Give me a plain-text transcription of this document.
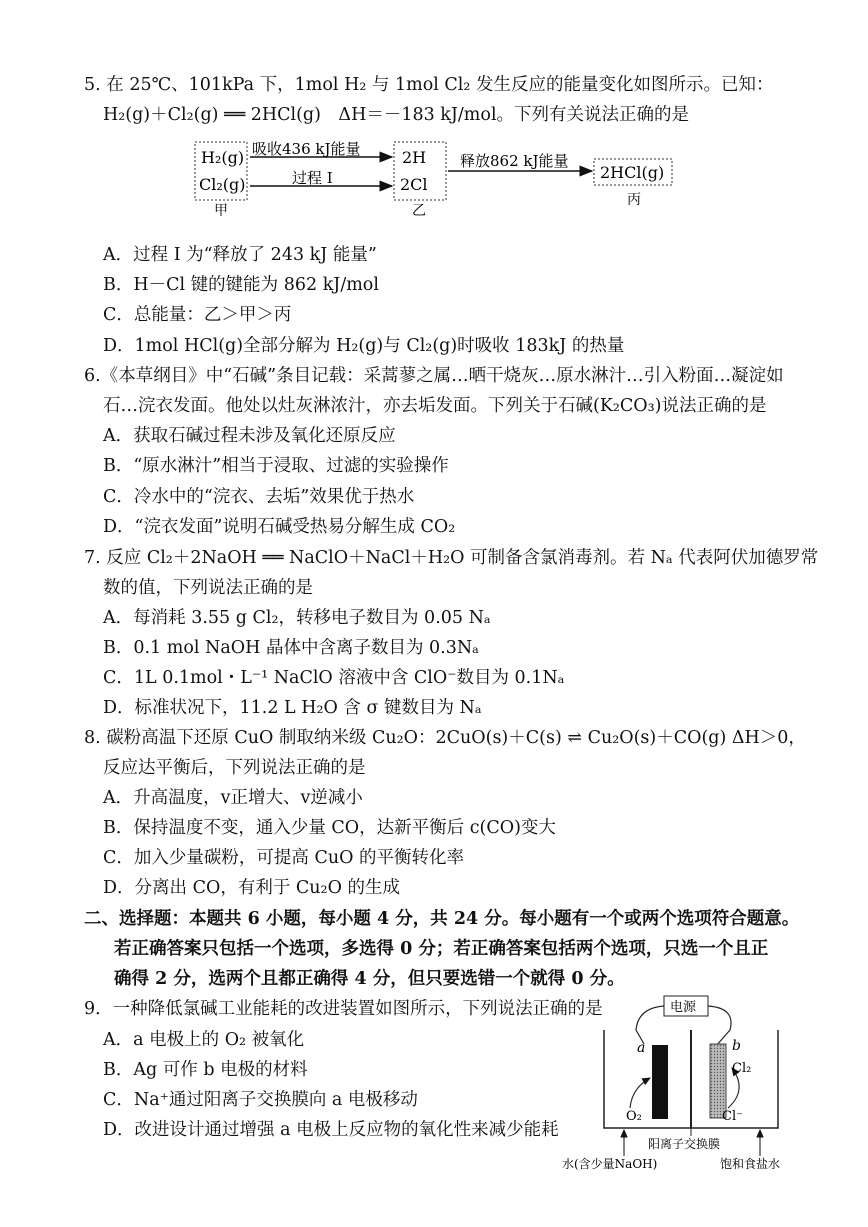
5. 在 25℃、101kPa 下，1mol H₂ 与 1mol Cl₂ 发生反应的能量变化如图所示。已知：
H₂(g)＋Cl₂(g) ══ 2HCl(g)　ΔH＝－183 kJ/mol。下列有关说法正确的是
H₂(g)
Cl₂(g)
甲
吸收436 kJ能量
过程 I
2H
2Cl
乙
释放862 kJ能量
2HCl(g)
丙
A．过程 I 为“释放了 243 kJ 能量”
B．H－Cl 键的键能为 862 kJ/mol
C．总能量：乙＞甲＞丙
D．1mol HCl(g)全部分解为 H₂(g)与 Cl₂(g)时吸收 183kJ 的热量
6.《本草纲目》中“石碱”条目记载：采蒿蓼之属…晒干烧灰…原水淋汁…引入粉面…凝淀如
石…浣衣发面。他处以灶灰淋浓汁，亦去垢发面。下列关于石碱(K₂CO₃)说法正确的是
A．获取石碱过程未涉及氧化还原反应
B．“原水淋汁”相当于浸取、过滤的实验操作
C．冷水中的“浣衣、去垢”效果优于热水
D．“浣衣发面”说明石碱受热易分解生成 CO₂
7. 反应 Cl₂＋2NaOH ══ NaClO＋NaCl＋H₂O 可制备含氯消毒剂。若 Nₐ 代表阿伏加德罗常
数的值，下列说法正确的是
A．每消耗 3.55 g Cl₂，转移电子数目为 0.05 Nₐ
B．0.1 mol NaOH 晶体中含离子数目为 0.3Nₐ
C．1L 0.1mol・L⁻¹ NaClO 溶液中含 ClO⁻数目为 0.1Nₐ
D．标准状况下，11.2 L H₂O 含 σ 键数目为 Nₐ
8. 碳粉高温下还原 CuO 制取纳米级 Cu₂O：2CuO(s)＋C(s) ⇌ Cu₂O(s)＋CO(g) ΔH＞0，
反应达平衡后，下列说法正确的是
A．升高温度，v正增大、v逆减小
B．保持温度不变，通入少量 CO，达新平衡后 c(CO)变大
C．加入少量碳粉，可提高 CuO 的平衡转化率
D．分离出 CO，有利于 Cu₂O 的生成
二、选择题：本题共 6 小题，每小题 4 分，共 24 分。每小题有一个或两个选项符合题意。
若正确答案只包括一个选项，多选得 0 分；若正确答案包括两个选项，只选一个且正
确得 2 分，选两个且都正确得 4 分，但只要选错一个就得 0 分。
9．一种降低氯碱工业能耗的改进装置如图所示，下列说法正确的是
A．a 电极上的 O₂ 被氧化
B．Ag 可作 b 电极的材料
C．Na⁺通过阳离子交换膜向 a 电极移动
D．改进设计通过增强 a 电极上反应物的氧化性来减少能耗
电源
a	b
Cl₂
Cl⁻
O₂
阳离子交换膜
水(含少量NaOH)	饱和食盐水
